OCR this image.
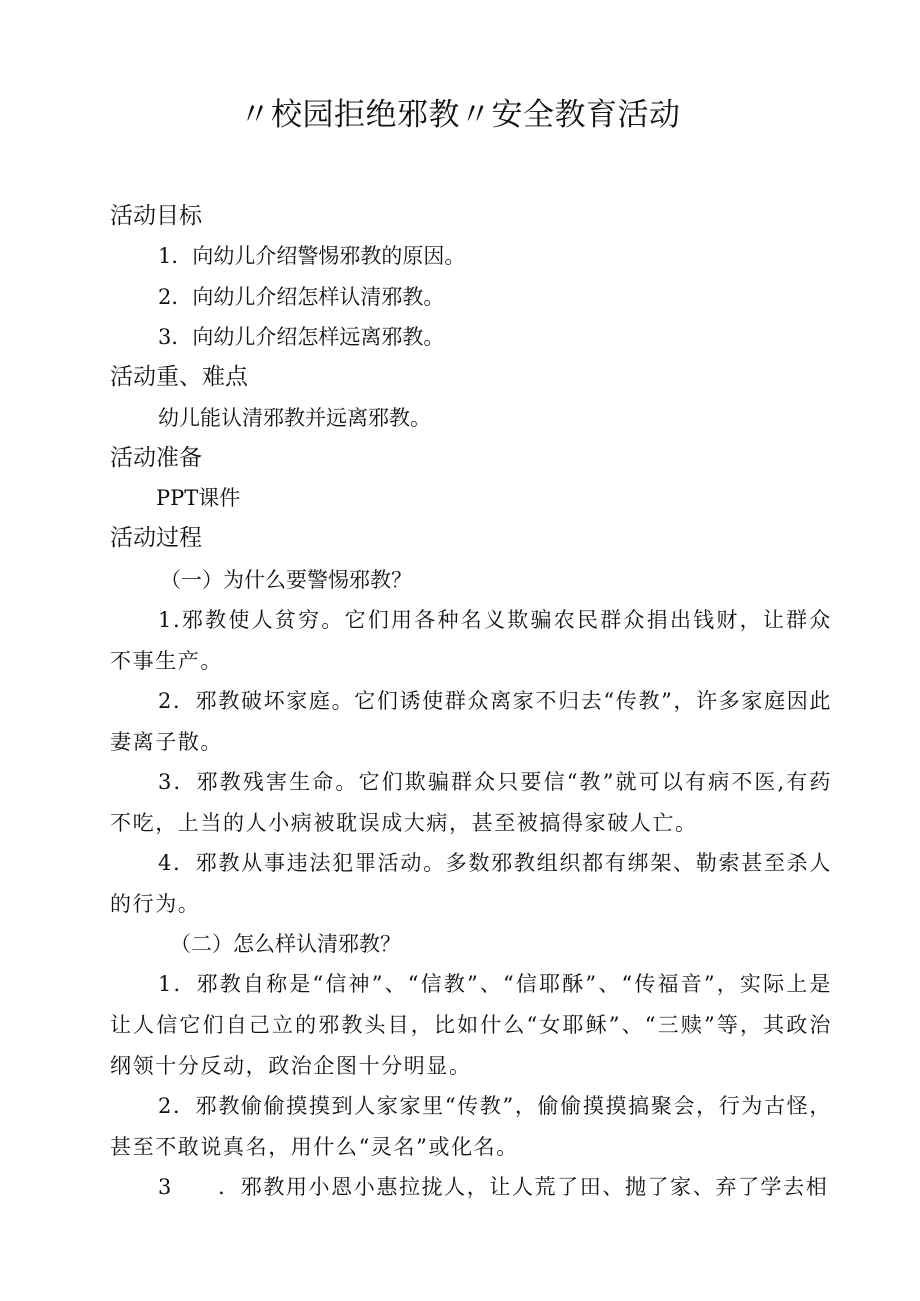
〃校园拒绝邪教〃安全教育活动
活动目标
1．向幼儿介绍警惕邪教的原因。
2．向幼儿介绍怎样认清邪教。
3．向幼儿介绍怎样远离邪教。
活动重、难点
幼儿能认清邪教并远离邪教。
活动准备
PPT课件
活动过程
（一）为什么要警惕邪教？
1.邪教使人贫穷。它们用各种名义欺骗农民群众捐出钱财，让群众不事生产。
2．邪教破坏家庭。它们诱使群众离家不归去“传教”，许多家庭因此妻离子散。
3．邪教残害生命。它们欺骗群众只要信“教”就可以有病不医,有药不吃，上当的人小病被耽误成大病，甚至被搞得家破人亡。
4．邪教从事违法犯罪活动。多数邪教组织都有绑架、勒索甚至杀人的行为。
（二）怎么样认清邪教？
1．邪教自称是“信神”、“信教”、“信耶酥”、“传福音”，实际上是让人信它们自己立的邪教头目，比如什么“女耶稣”、“三赎”等，其政治纲领十分反动，政治企图十分明显。
2．邪教偷偷摸摸到人家家里“传教”，偷偷摸摸搞聚会，行为古怪，甚至不敢说真名，用什么“灵名”或化名。
3　　．邪教用小恩小惠拉拢人，让人荒了田、抛了家、弃了学去相
